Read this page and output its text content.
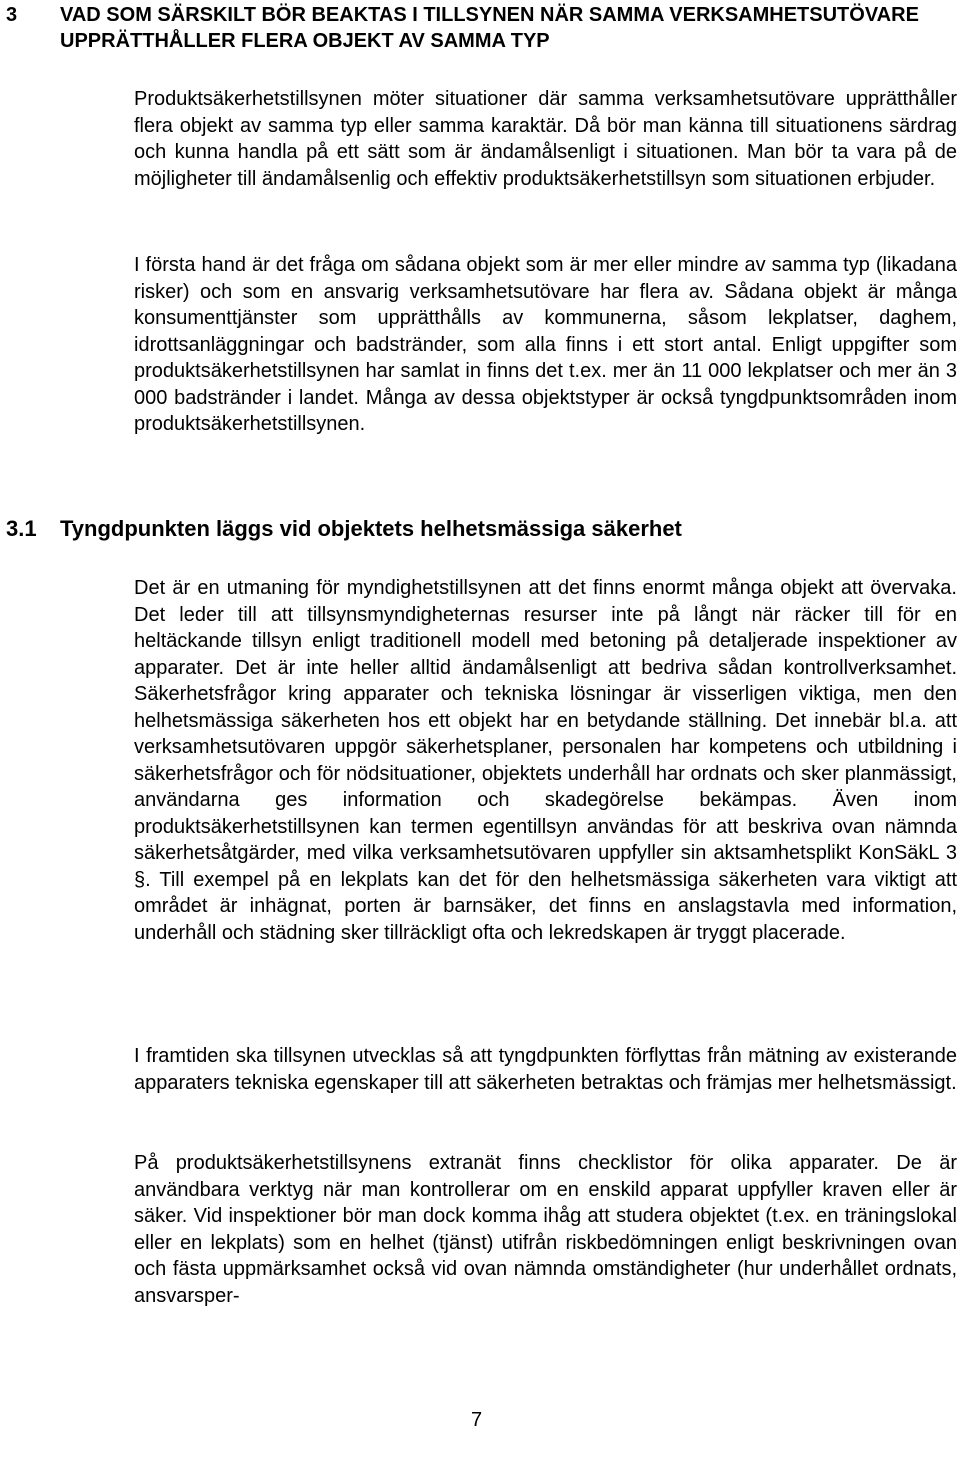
3 VAD SOM SÄRSKILT BÖR BEAKTAS I TILLSYNEN NÄR SAMMA VERKSAMHETSUTÖVARE UPPRÄTTHÅLLER FLERA OBJEKT AV SAMMA TYP

Produktsäkerhetstillsynen möter situationer där samma verksamhetsutövare upprätthåller flera objekt av samma typ eller samma karaktär. Då bör man känna till situationens särdrag och kunna handla på ett sätt som är ändamålsenligt i situationen. Man bör ta vara på de möjligheter till ändamålsenlig och effektiv produktsäkerhetstillsyn som situationen erbjuder.

I första hand är det fråga om sådana objekt som är mer eller mindre av samma typ (likadana risker) och som en ansvarig verksamhetsutövare har flera av. Sådana objekt är många konsumenttjänster som upprätthålls av kommunerna, såsom lekplatser, daghem, idrottsanläggningar och badstränder, som alla finns i ett stort antal. Enligt uppgifter som produktsäkerhetstillsynen har samlat in finns det t.ex. mer än 11 000 lekplatser och mer än 3 000 badstränder i landet. Många av dessa objektstyper är också tyngdpunktsområden inom produktsäkerhetstillsynen.

3.1 Tyngdpunkten läggs vid objektets helhetsmässiga säkerhet

Det är en utmaning för myndighetstillsynen att det finns enormt många objekt att övervaka. Det leder till att tillsynsmyndigheternas resurser inte på långt när räcker till för en heltäckande tillsyn enligt traditionell modell med betoning på detaljerade inspektioner av apparater. Det är inte heller alltid ändamålsenligt att bedriva sådan kontrollverksamhet. Säkerhetsfrågor kring apparater och tekniska lösningar är visserligen viktiga, men den helhetsmässiga säkerheten hos ett objekt har en betydande ställning. Det innebär bl.a. att verksamhetsutövaren uppgör säkerhetsplaner, personalen har kompetens och utbildning i säkerhetsfrågor och för nödsituationer, objektets underhåll har ordnats och sker planmässigt, användarna ges information och skadegörelse bekämpas. Även inom produktsäkerhetstillsynen kan termen egentillsyn användas för att beskriva ovan nämnda säkerhetsåtgärder, med vilka verksamhetsutövaren uppfyller sin aktsamhetsplikt KonSäkL 3 §. Till exempel på en lekplats kan det för den helhetsmässiga säkerheten vara viktigt att området är inhägnat, porten är barnsäker, det finns en anslagstavla med information, underhåll och städning sker tillräckligt ofta och lekredskapen är tryggt placerade.

I framtiden ska tillsynen utvecklas så att tyngdpunkten förflyttas från mätning av existerande apparaters tekniska egenskaper till att säkerheten betraktas och främjas mer helhetsmässigt.

På produktsäkerhetstillsynens extranät finns checklistor för olika apparater. De är användbara verktyg när man kontrollerar om en enskild apparat uppfyller kraven eller är säker. Vid inspektioner bör man dock komma ihåg att studera objektet (t.ex. en träningslokal eller en lekplats) som en helhet (tjänst) utifrån riskbedömningen enligt beskrivningen ovan och fästa uppmärksamhet också vid ovan nämnda omständigheter (hur underhållet ordnats, ansvarsper-

7
